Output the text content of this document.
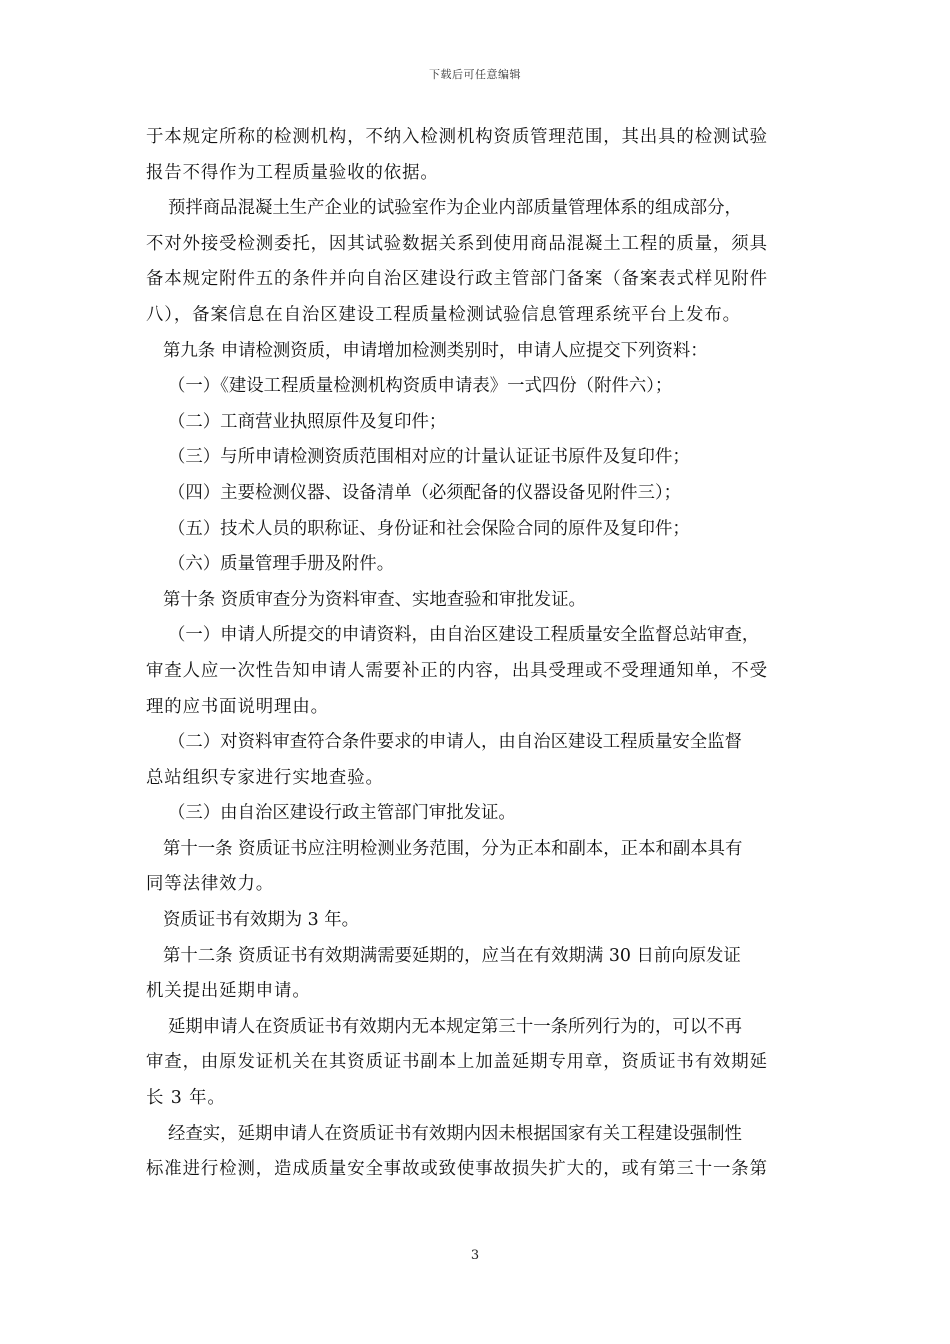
下载后可任意编辑
于本规定所称的检测机构，不纳入检测机构资质管理范围，其出具的检测试验
报告不得作为工程质量验收的依据。
预拌商品混凝土生产企业的试验室作为企业内部质量管理体系的组成部分，
不对外接受检测委托，因其试验数据关系到使用商品混凝土工程的质量，须具
备本规定附件五的条件并向自治区建设行政主管部门备案（备案表式样见附件
八），备案信息在自治区建设工程质量检测试验信息管理系统平台上发布。
第九条 申请检测资质，申请增加检测类别时，申请人应提交下列资料：
（一）《建设工程质量检测机构资质申请表》一式四份（附件六）；
（二）工商营业执照原件及复印件；
（三）与所申请检测资质范围相对应的计量认证证书原件及复印件；
（四）主要检测仪器、设备清单（必须配备的仪器设备见附件三）；
（五）技术人员的职称证、身份证和社会保险合同的原件及复印件；
（六）质量管理手册及附件。
第十条 资质审查分为资料审查、实地查验和审批发证。
（一）申请人所提交的申请资料，由自治区建设工程质量安全监督总站审查，
审查人应一次性告知申请人需要补正的内容，出具受理或不受理通知单，不受
理的应书面说明理由。
（二）对资料审查符合条件要求的申请人，由自治区建设工程质量安全监督
总站组织专家进行实地查验。
（三）由自治区建设行政主管部门审批发证。
第十一条 资质证书应注明检测业务范围，分为正本和副本，正本和副本具有
同等法律效力。
资质证书有效期为 3 年。
第十二条 资质证书有效期满需要延期的，应当在有效期满 30 日前向原发证
机关提出延期申请。
延期申请人在资质证书有效期内无本规定第三十一条所列行为的，可以不再
审查，由原发证机关在其资质证书副本上加盖延期专用章，资质证书有效期延
长 3 年。
经查实，延期申请人在资质证书有效期内因未根据国家有关工程建设强制性
标准进行检测，造成质量安全事故或致使事故损失扩大的，或有第三十一条第
3
